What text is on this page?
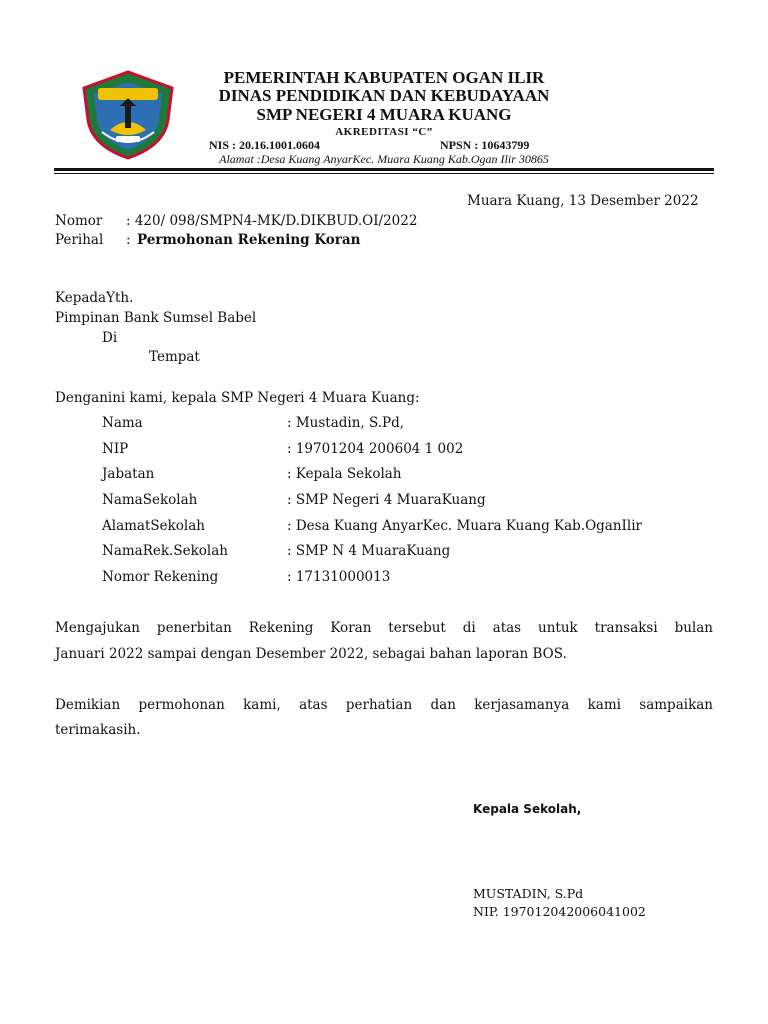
PEMERINTAH KABUPATEN OGAN ILIR
DINAS PENDIDIKAN DAN KEBUDAYAAN
SMP NEGERI 4 MUARA KUANG
AKREDITASI “C”
NIS : 20.16.1001.0604	NPSN : 10643799
Alamat :Desa Kuang AnyarKec. Muara Kuang Kab.Ogan Ilir 30865
Muara Kuang, 13 Desember 2022
Nomor : 420/ 098/SMPN4-MK/D.DIKBUD.OI/2022
Perihal : Permohonan Rekening Koran
KepadaYth.
Pimpinan Bank Sumsel Babel
Di
Tempat
Denganini kami, kepala SMP Negeri 4 Muara Kuang:
Nama	: Mustadin, S.Pd,
NIP	: 19701204 200604 1 002
Jabatan	: Kepala Sekolah
NamaSekolah	: SMP Negeri 4 MuaraKuang
AlamatSekolah	: Desa Kuang AnyarKec. Muara Kuang Kab.OganIlir
NamaRek.Sekolah	: SMP N 4 MuaraKuang
Nomor Rekening	: 17131000013
Mengajukan penerbitan Rekening Koran tersebut di atas untuk transaksi bulan
Januari 2022 sampai dengan Desember 2022, sebagai bahan laporan BOS.
Demikian permohonan kami, atas perhatian dan kerjasamanya kami sampaikan
terimakasih.
Kepala Sekolah,
MUSTADIN, S.Pd
NIP. 197012042006041002
